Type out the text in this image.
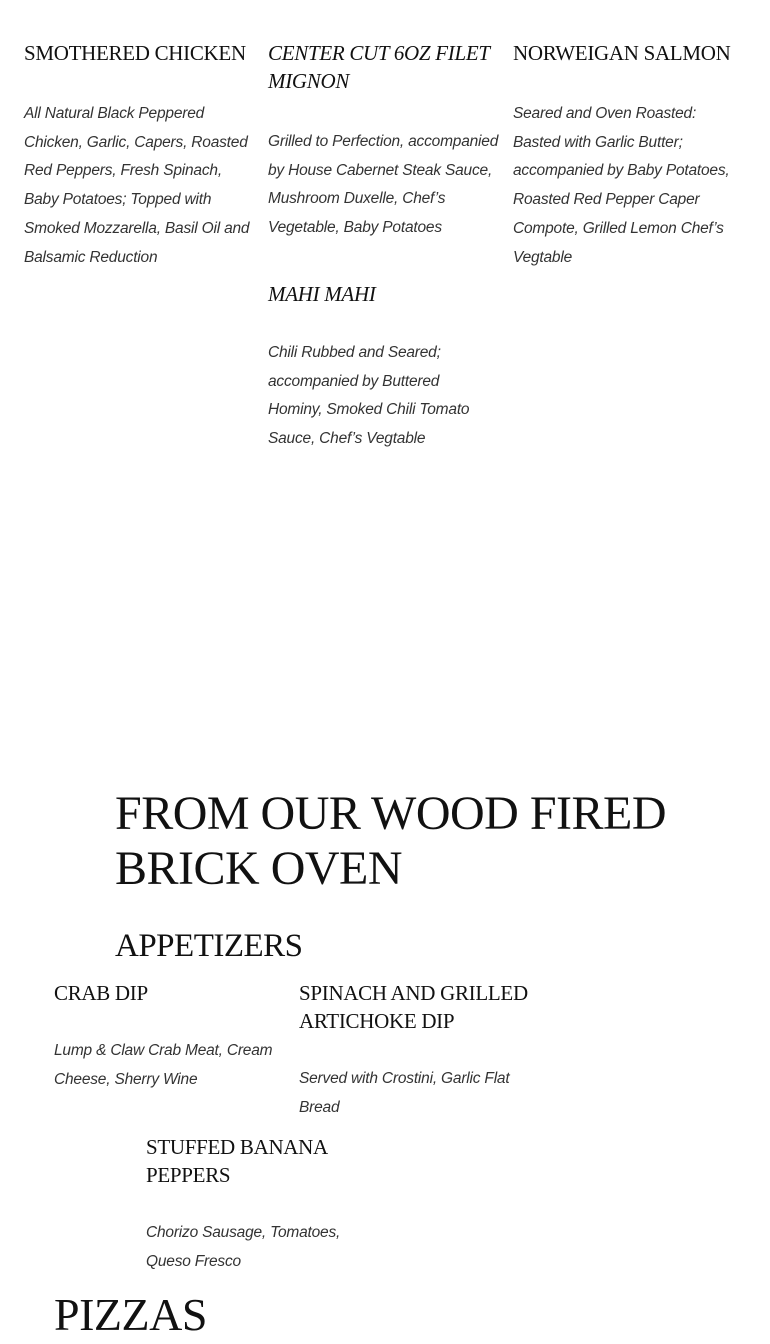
SMOTHERED CHICKEN

All Natural Black Peppered Chicken, Garlic, Capers, Roasted Red Peppers, Fresh Spinach, Baby Potatoes; Topped with Smoked Mozzarella, Basil Oil and Balsamic Reduction

CENTER CUT 6OZ FILET MIGNON

Grilled to Perfection, accompanied by House Cabernet Steak Sauce, Mushroom Duxelle, Chef’s Vegetable, Baby Potatoes

NORWEIGAN SALMON

Seared and Oven Roasted: Basted with Garlic Butter; accompanied by Baby Potatoes, Roasted Red Pepper Caper Compote, Grilled Lemon Chef’s Vegtable

MAHI MAHI

Chili Rubbed and Seared; accompanied by Buttered Hominy, Smoked Chili Tomato Sauce, Chef’s Vegtable

FROM OUR WOOD FIRED BRICK OVEN
APPETIZERS
CRAB DIP

Lump & Claw Crab Meat, Cream Cheese, Sherry Wine

SPINACH AND GRILLED ARTICHOKE DIP

Served with Crostini, Garlic Flat Bread

STUFFED BANANA PEPPERS

Chorizo Sausage, Tomatoes, Queso Fresco

PIZZAS
